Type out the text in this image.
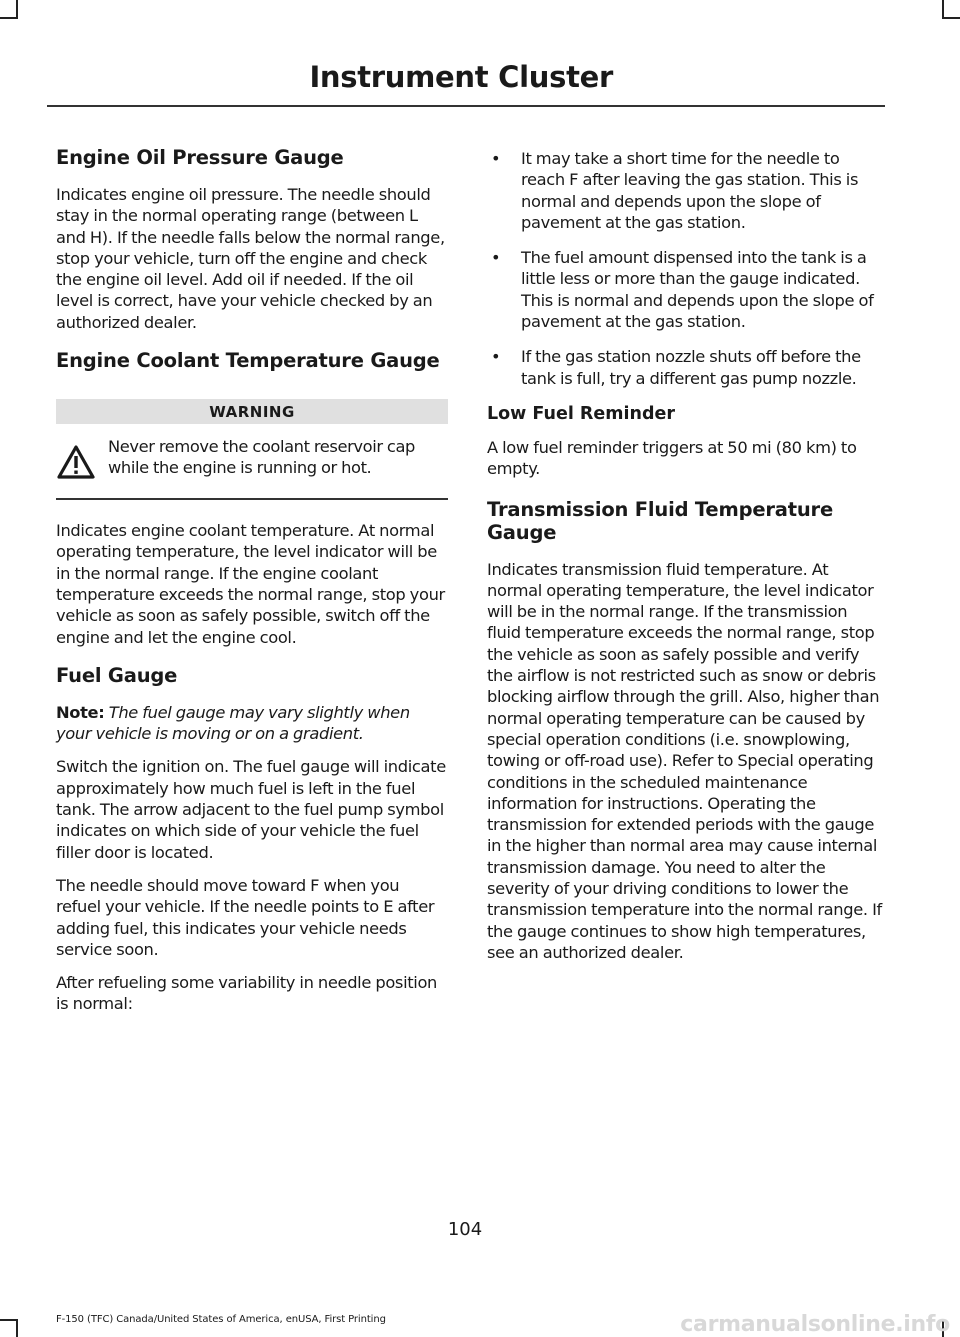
Instrument Cluster
Engine Oil Pressure Gauge

Indicates engine oil pressure. The needle should stay in the normal operating range (between L and H). If the needle falls below the normal range, stop your vehicle, turn off the engine and check the engine oil level. Add oil if needed. If the oil level is correct, have your vehicle checked by an authorized dealer.

Engine Coolant Temperature Gauge
WARNING
Never remove the coolant reservoir cap while the engine is running or hot.

Indicates engine coolant temperature. At normal operating temperature, the level indicator will be in the normal range. If the engine coolant temperature exceeds the normal range, stop your vehicle as soon as safely possible, switch off the engine and let the engine cool.

Fuel Gauge

Note: The fuel gauge may vary slightly when your vehicle is moving or on a gradient.

Switch the ignition on. The fuel gauge will indicate approximately how much fuel is left in the fuel tank. The arrow adjacent to the fuel pump symbol indicates on which side of your vehicle the fuel filler door is located.

The needle should move toward F when you refuel your vehicle. If the needle points to E after adding fuel, this indicates your vehicle needs service soon.

After refueling some variability in needle position is normal:

• It may take a short time for the needle to reach F after leaving the gas station. This is normal and depends upon the slope of pavement at the gas station.
• The fuel amount dispensed into the tank is a little less or more than the gauge indicated. This is normal and depends upon the slope of pavement at the gas station.
• If the gas station nozzle shuts off before the tank is full, try a different gas pump nozzle.
Low Fuel Reminder

A low fuel reminder triggers at 50 mi (80 km) to empty.

Transmission Fluid Temperature Gauge

Indicates transmission fluid temperature. At normal operating temperature, the level indicator will be in the normal range. If the transmission fluid temperature exceeds the normal range, stop the vehicle as soon as safely possible and verify the airflow is not restricted such as snow or debris blocking airflow through the grill. Also, higher than normal operating temperature can be caused by special operation conditions (i.e. snowplowing, towing or off-road use). Refer to Special operating conditions in the scheduled maintenance information for instructions. Operating the transmission for extended periods with the gauge in the higher than normal area may cause internal transmission damage. You need to alter the severity of your driving conditions to lower the transmission temperature into the normal range. If the gauge continues to show high temperatures, see an authorized dealer.

104
F-150 (TFC) Canada/United States of America, enUSA, First Printing	carmanualsonline.info
